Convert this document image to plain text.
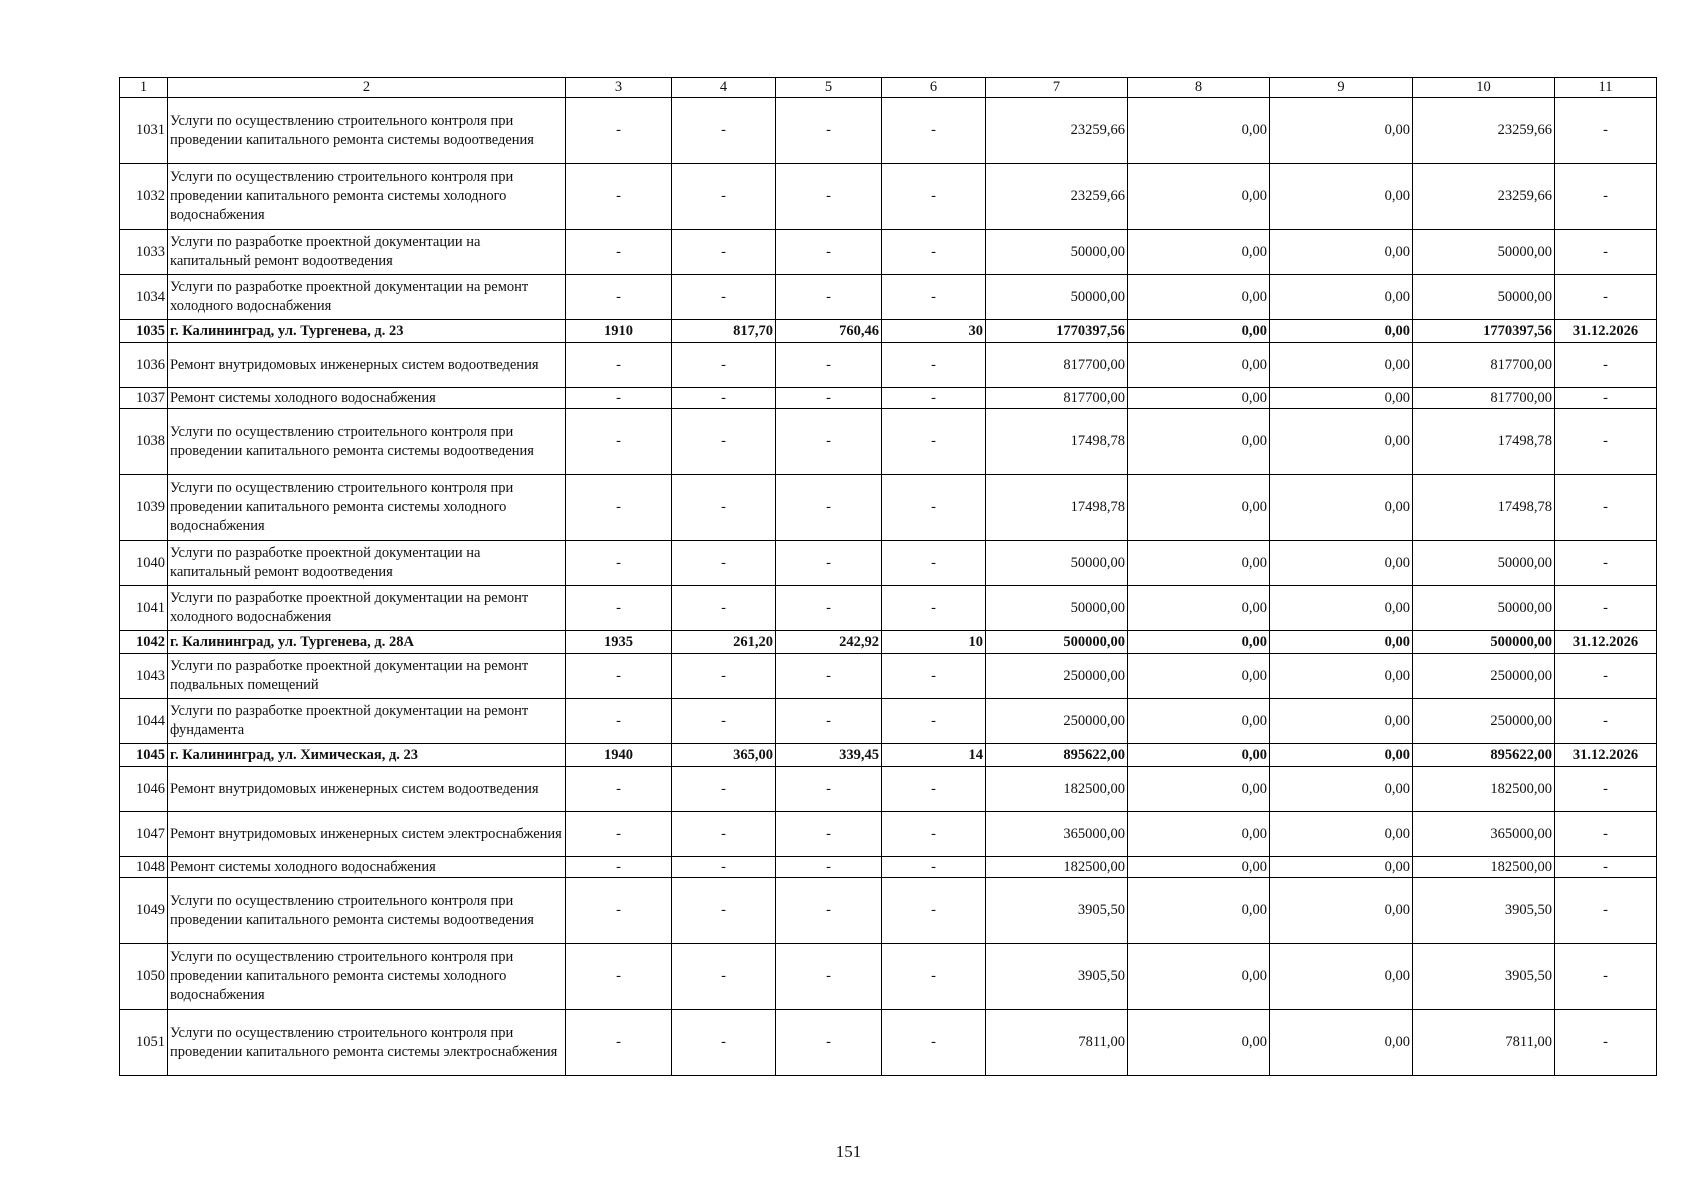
1	2	3	4	5	6	7	8	9	10	11
1031	Услуги по осуществлению строительного контроля при проведении капитального ремонта системы водоотведения	-	-	-	-	23259,66	0,00	0,00	23259,66	-
1032	Услуги по осуществлению строительного контроля при проведении капитального ремонта системы холодного водоснабжения	-	-	-	-	23259,66	0,00	0,00	23259,66	-
1033	Услуги по разработке проектной документации на капитальный ремонт водоотведения	-	-	-	-	50000,00	0,00	0,00	50000,00	-
1034	Услуги по разработке проектной документации на ремонт холодного водоснабжения	-	-	-	-	50000,00	0,00	0,00	50000,00	-
1035	г. Калининград, ул. Тургенева, д. 23	1910	817,70	760,46	30	1770397,56	0,00	0,00	1770397,56	31.12.2026
1036	Ремонт внутридомовых инженерных систем водоотведения	-	-	-	-	817700,00	0,00	0,00	817700,00	-
1037	Ремонт системы холодного водоснабжения	-	-	-	-	817700,00	0,00	0,00	817700,00	-
1038	Услуги по осуществлению строительного контроля при проведении капитального ремонта системы водоотведения	-	-	-	-	17498,78	0,00	0,00	17498,78	-
1039	Услуги по осуществлению строительного контроля при проведении капитального ремонта системы холодного водоснабжения	-	-	-	-	17498,78	0,00	0,00	17498,78	-
1040	Услуги по разработке проектной документации на капитальный ремонт водоотведения	-	-	-	-	50000,00	0,00	0,00	50000,00	-
1041	Услуги по разработке проектной документации на ремонт холодного водоснабжения	-	-	-	-	50000,00	0,00	0,00	50000,00	-
1042	г. Калининград, ул. Тургенева, д. 28А	1935	261,20	242,92	10	500000,00	0,00	0,00	500000,00	31.12.2026
1043	Услуги по разработке проектной документации на ремонт подвальных помещений	-	-	-	-	250000,00	0,00	0,00	250000,00	-
1044	Услуги по разработке проектной документации на ремонт фундамента	-	-	-	-	250000,00	0,00	0,00	250000,00	-
1045	г. Калининград, ул. Химическая, д. 23	1940	365,00	339,45	14	895622,00	0,00	0,00	895622,00	31.12.2026
1046	Ремонт внутридомовых инженерных систем водоотведения	-	-	-	-	182500,00	0,00	0,00	182500,00	-
1047	Ремонт внутридомовых инженерных систем электроснабжения	-	-	-	-	365000,00	0,00	0,00	365000,00	-
1048	Ремонт системы холодного водоснабжения	-	-	-	-	182500,00	0,00	0,00	182500,00	-
1049	Услуги по осуществлению строительного контроля при проведении капитального ремонта системы водоотведения	-	-	-	-	3905,50	0,00	0,00	3905,50	-
1050	Услуги по осуществлению строительного контроля при проведении капитального ремонта системы холодного водоснабжения	-	-	-	-	3905,50	0,00	0,00	3905,50	-
1051	Услуги по осуществлению строительного контроля при проведении капитального ремонта системы электроснабжения	-	-	-	-	7811,00	0,00	0,00	7811,00	-
151
